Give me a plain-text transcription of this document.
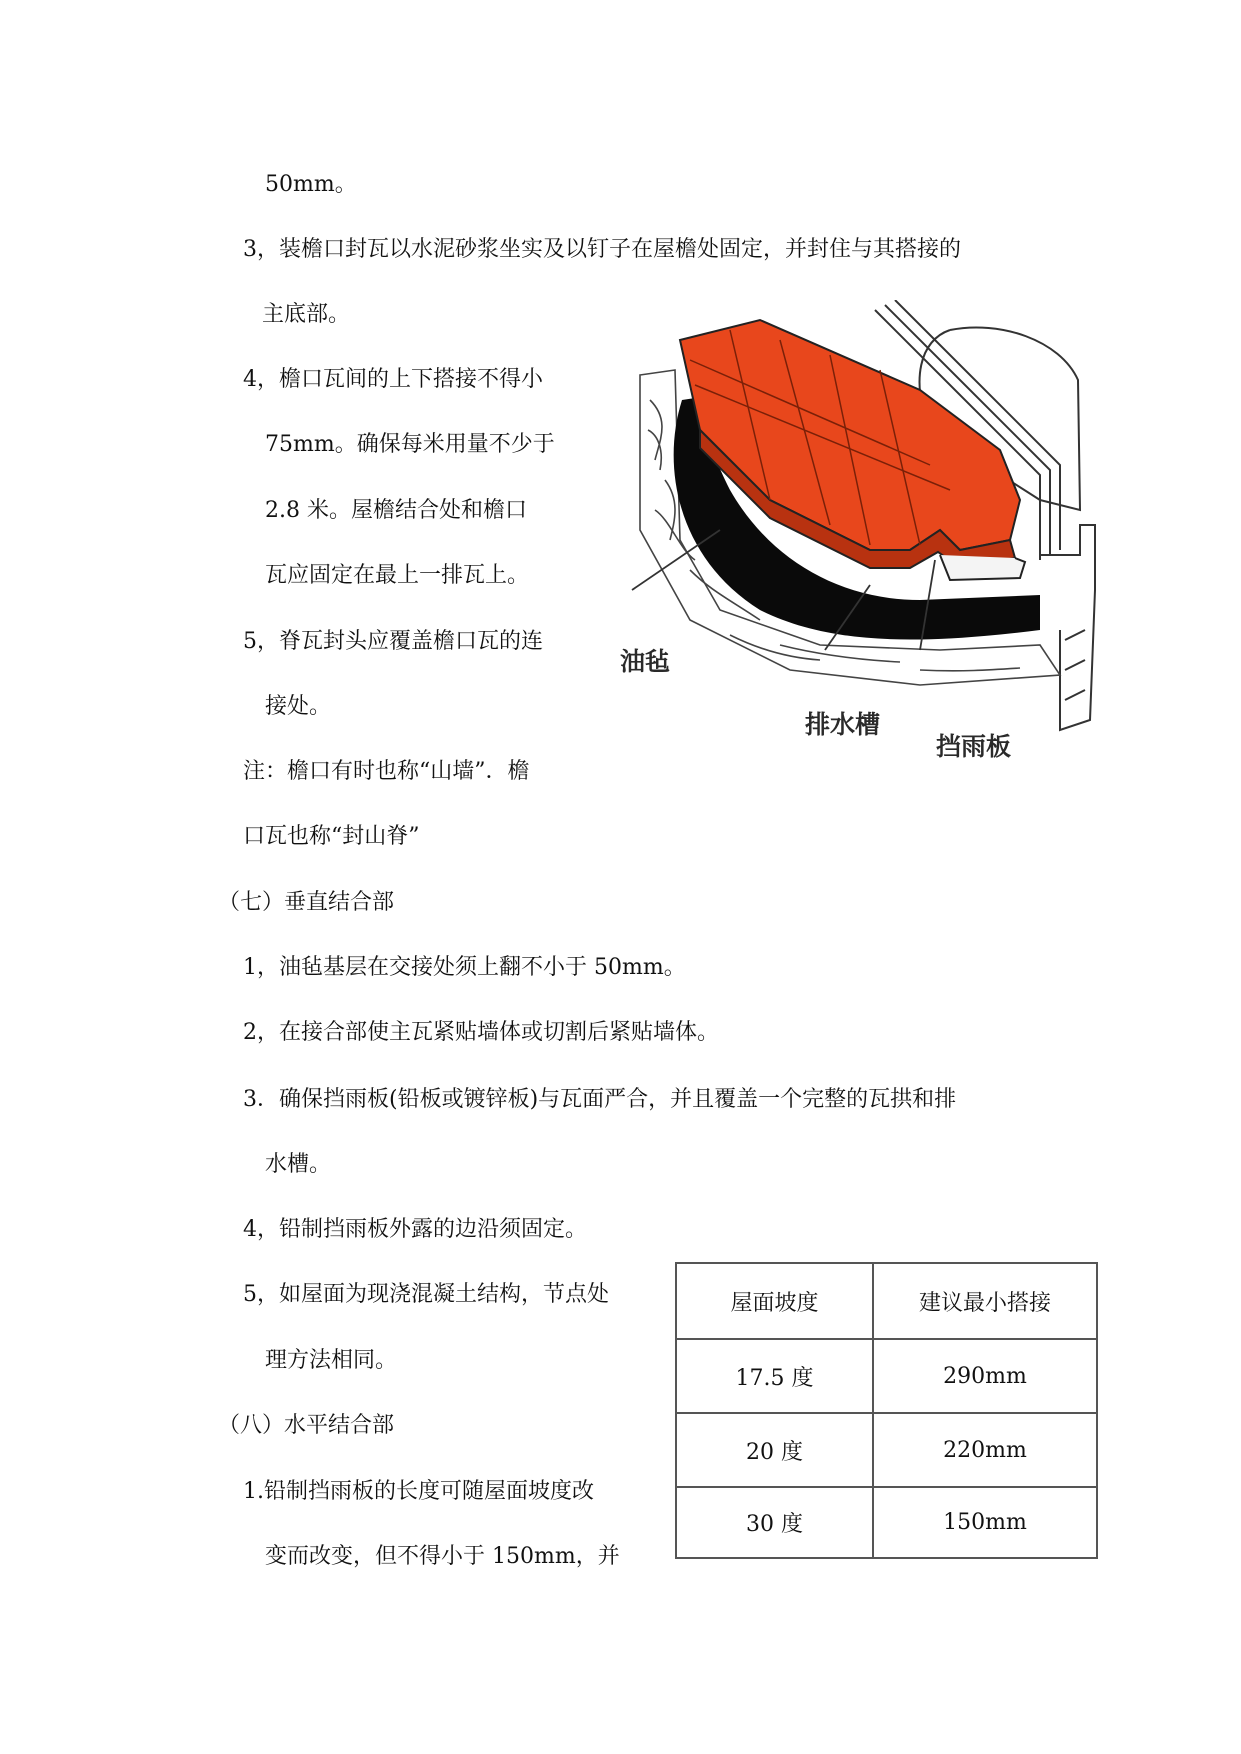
50mm。
3，装檐口封瓦以水泥砂浆坐实及以钉子在屋檐处固定，并封住与其搭接的
主底部。
4，檐口瓦间的上下搭接不得小
75mm。确保每米用量不少于
2.8 米。屋檐结合处和檐口
瓦应固定在最上一排瓦上。
5，脊瓦封头应覆盖檐口瓦的连
接处。
注：檐口有时也称“山墙”．檐
口瓦也称“封山脊”
（七）垂直结合部
1，油毡基层在交接处须上翻不小于 50mm。
2，在接合部使主瓦紧贴墙体或切割后紧贴墙体。
3．确保挡雨板(铅板或镀锌板)与瓦面严合，并且覆盖一个完整的瓦拱和排
水槽。
4，铅制挡雨板外露的边沿须固定。
5，如屋面为现浇混凝土结构，节点处
理方法相同。
（八）水平结合部
1.铅制挡雨板的长度可随屋面坡度改
变而改变，但不得小于 150mm，并
油毡
排水槽
挡雨板
屋面坡度	建议最小搭接
17.5 度	290mm
20 度	220mm
30 度	150mm
